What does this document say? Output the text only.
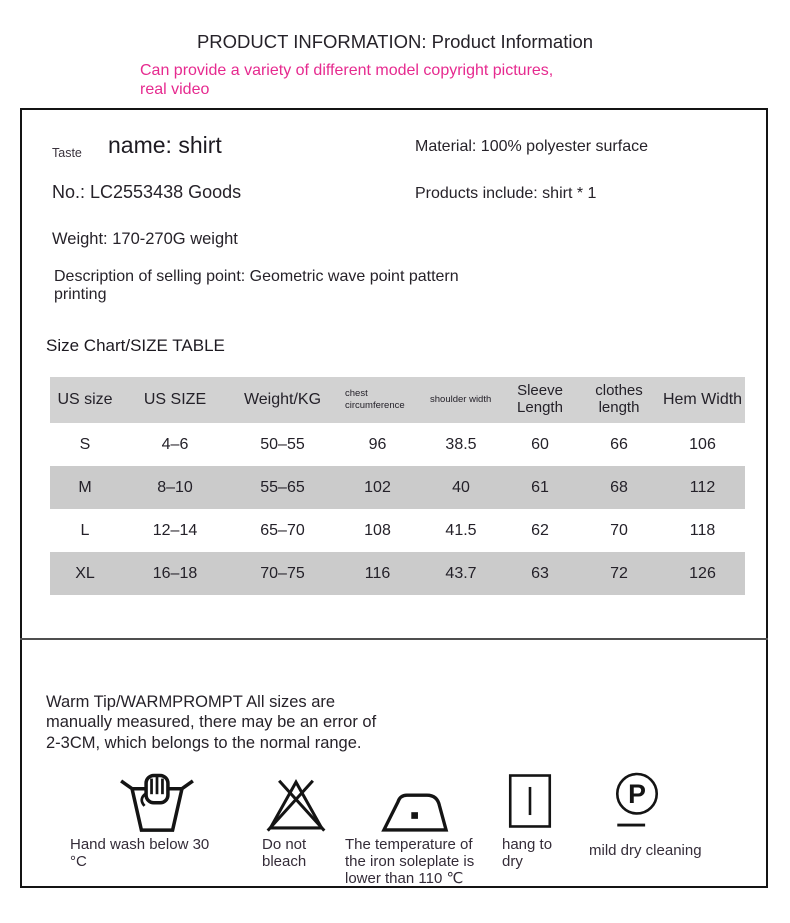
PRODUCT INFORMATION: Product Information
Can provide a variety of different model copyright pictures,
real video
Taste name: shirt	Material: 100% polyester surface
No.: LC2553438 Goods	Products include: shirt * 1
Weight: 170-270G weight
Description of selling point: Geometric wave point pattern
printing
Size Chart/SIZE TABLE
US size	US SIZE	Weight/KG	chest circumference	shoulder width	Sleeve Length	clothes length	Hem Width
S	4–6	50–55	96	38.5	60	66	106
M	8–10	55–65	102	40	61	68	112
L	12–14	65–70	108	41.5	62	70	118
XL	16–18	70–75	116	43.7	63	72	126
Warm Tip/WARMPROMPT All sizes are
manually measured, there may be an error of
2-3CM, which belongs to the normal range.
P
Hand wash below 30
°C
Do not
bleach
The temperature of
the iron soleplate is
lower than 110 ℃
hang to
dry
mild dry cleaning
